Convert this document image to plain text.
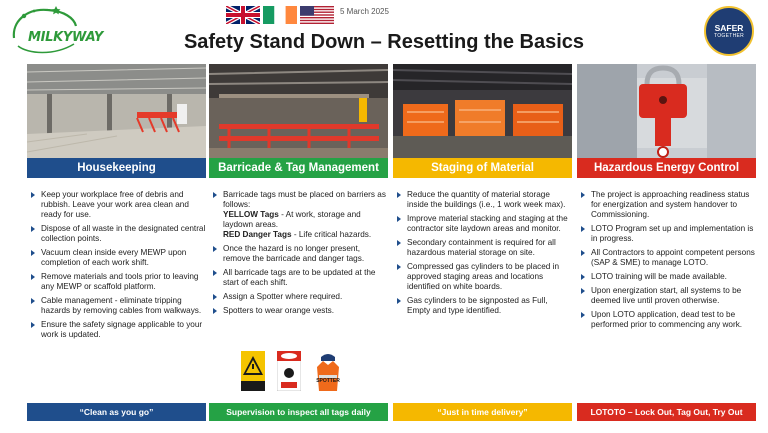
MILKYWAY
5 March 2025
Safety Stand Down – Resetting the Basics
SAFER
TOGETHER
Housekeeping
Keep your workplace free of debris and rubbish. Leave your work area clean and ready for use.
Dispose of all waste in the designated central collection points.
Vacuum clean inside every MEWP upon completion of each work shift.
Remove materials and tools prior to leaving any MEWP or scaffold platform.
Cable management - eliminate tripping hazards by removing cables from walkways.
Ensure the safety signage applicable to your work is updated.
“Clean as you go”
Barricade & Tag Management
Barricade tags must be placed on barriers as follows:
YELLOW Tags - At work, storage and laydown areas.
RED Danger Tags - Life critical hazards.
Once the hazard is no longer present, remove the barricade and danger tags.
All barricade tags are to be updated at the start of each shift.
Assign a Spotter where required.
Spotters to wear orange vests.
SPOTTER
Supervision to inspect all tags daily
Staging of Material
Reduce the quantity of material storage inside the buildings (i.e., 1 work week max).
Improve material stacking and staging at the contractor site laydown areas and monitor.
Secondary containment is required for all hazardous material storage on site.
Compressed gas cylinders to be placed in approved staging areas and locations identified on white boards.
Gas cylinders to be signposted as Full, Empty and type identified.
“Just in time delivery”
Hazardous Energy Control
The project is approaching readiness status for energization and system handover to Commissioning.
LOTO Program set up and implementation is in progress.
All Contractors to appoint competent persons (SAP & SME) to manage LOTO.
LOTO training will be made available.
Upon energization start, all systems to be deemed live until proven otherwise.
Upon LOTO application, dead test to be performed prior to commencing any work.
LOTOTO – Lock Out, Tag Out, Try Out
